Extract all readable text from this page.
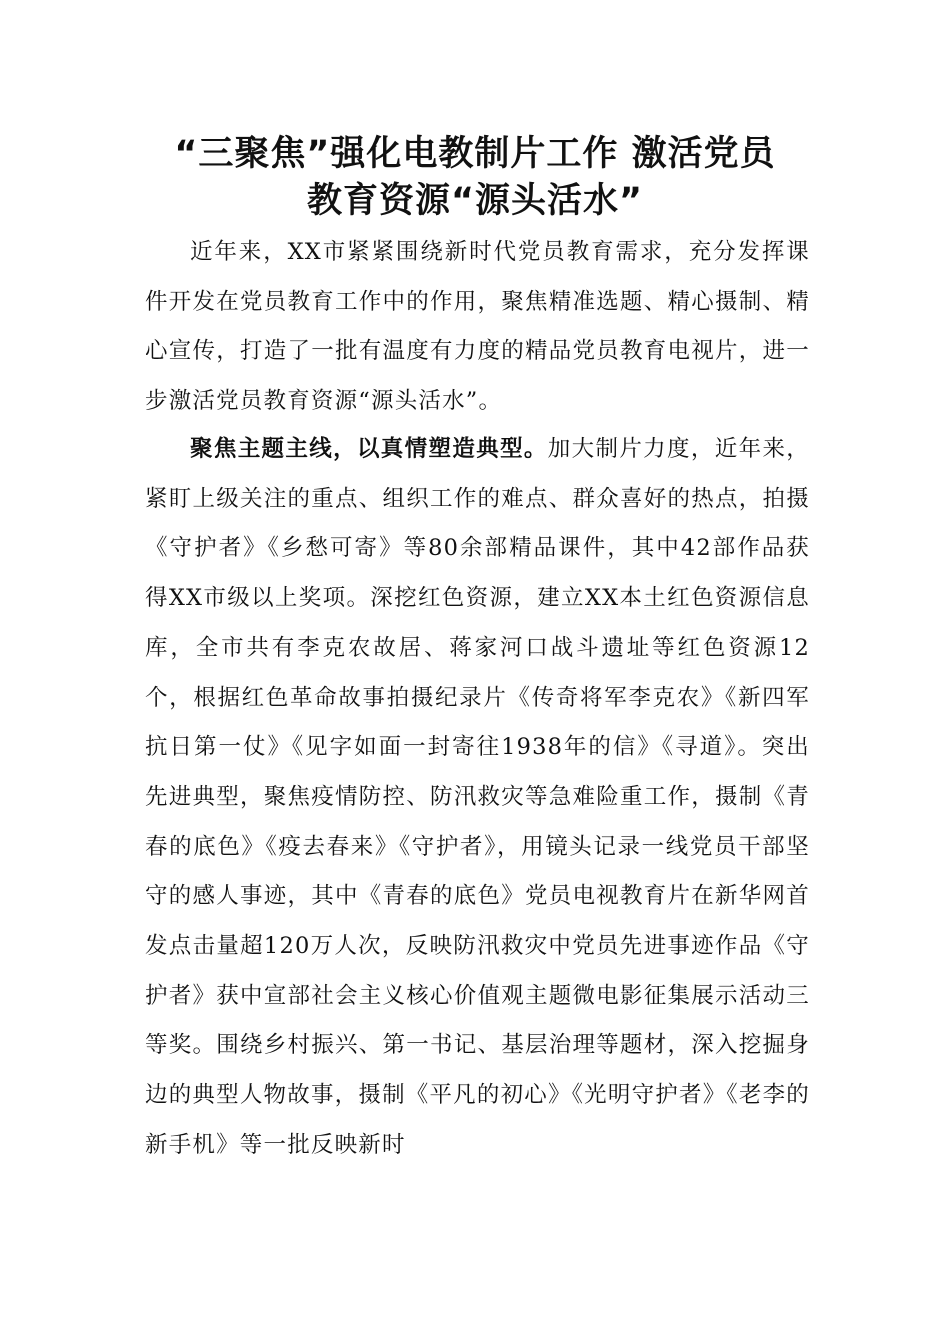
“三聚焦”强化电教制片工作 激活党员
教育资源“源头活水”

近年来，XX市紧紧围绕新时代党员教育需求，充分发挥课件开发在党员教育工作中的作用，聚焦精准选题、精心摄制、精心宣传，打造了一批有温度有力度的精品党员教育电视片，进一步激活党员教育资源“源头活水”。

聚焦主题主线，以真情塑造典型。加大制片力度，近年来，紧盯上级关注的重点、组织工作的难点、群众喜好的热点，拍摄《守护者》《乡愁可寄》等80余部精品课件，其中42部作品获得XX市级以上奖项。深挖红色资源，建立XX本土红色资源信息库，全市共有李克农故居、蒋家河口战斗遗址等红色资源12个，根据红色革命故事拍摄纪录片《传奇将军李克农》《新四军抗日第一仗》《见字如面一封寄往1938年的信》《寻道》。突出先进典型，聚焦疫情防控、防汛救灾等急难险重工作，摄制《青春的底色》《疫去春来》《守护者》，用镜头记录一线党员干部坚守的感人事迹，其中《青春的底色》党员电视教育片在新华网首发点击量超120万人次，反映防汛救灾中党员先进事迹作品《守护者》获中宣部社会主义核心价值观主题微电影征集展示活动三等奖。围绕乡村振兴、第一书记、基层治理等题材，深入挖掘身边的典型人物故事，摄制《平凡的初心》《光明守护者》《老李的新手机》等一批反映新时
